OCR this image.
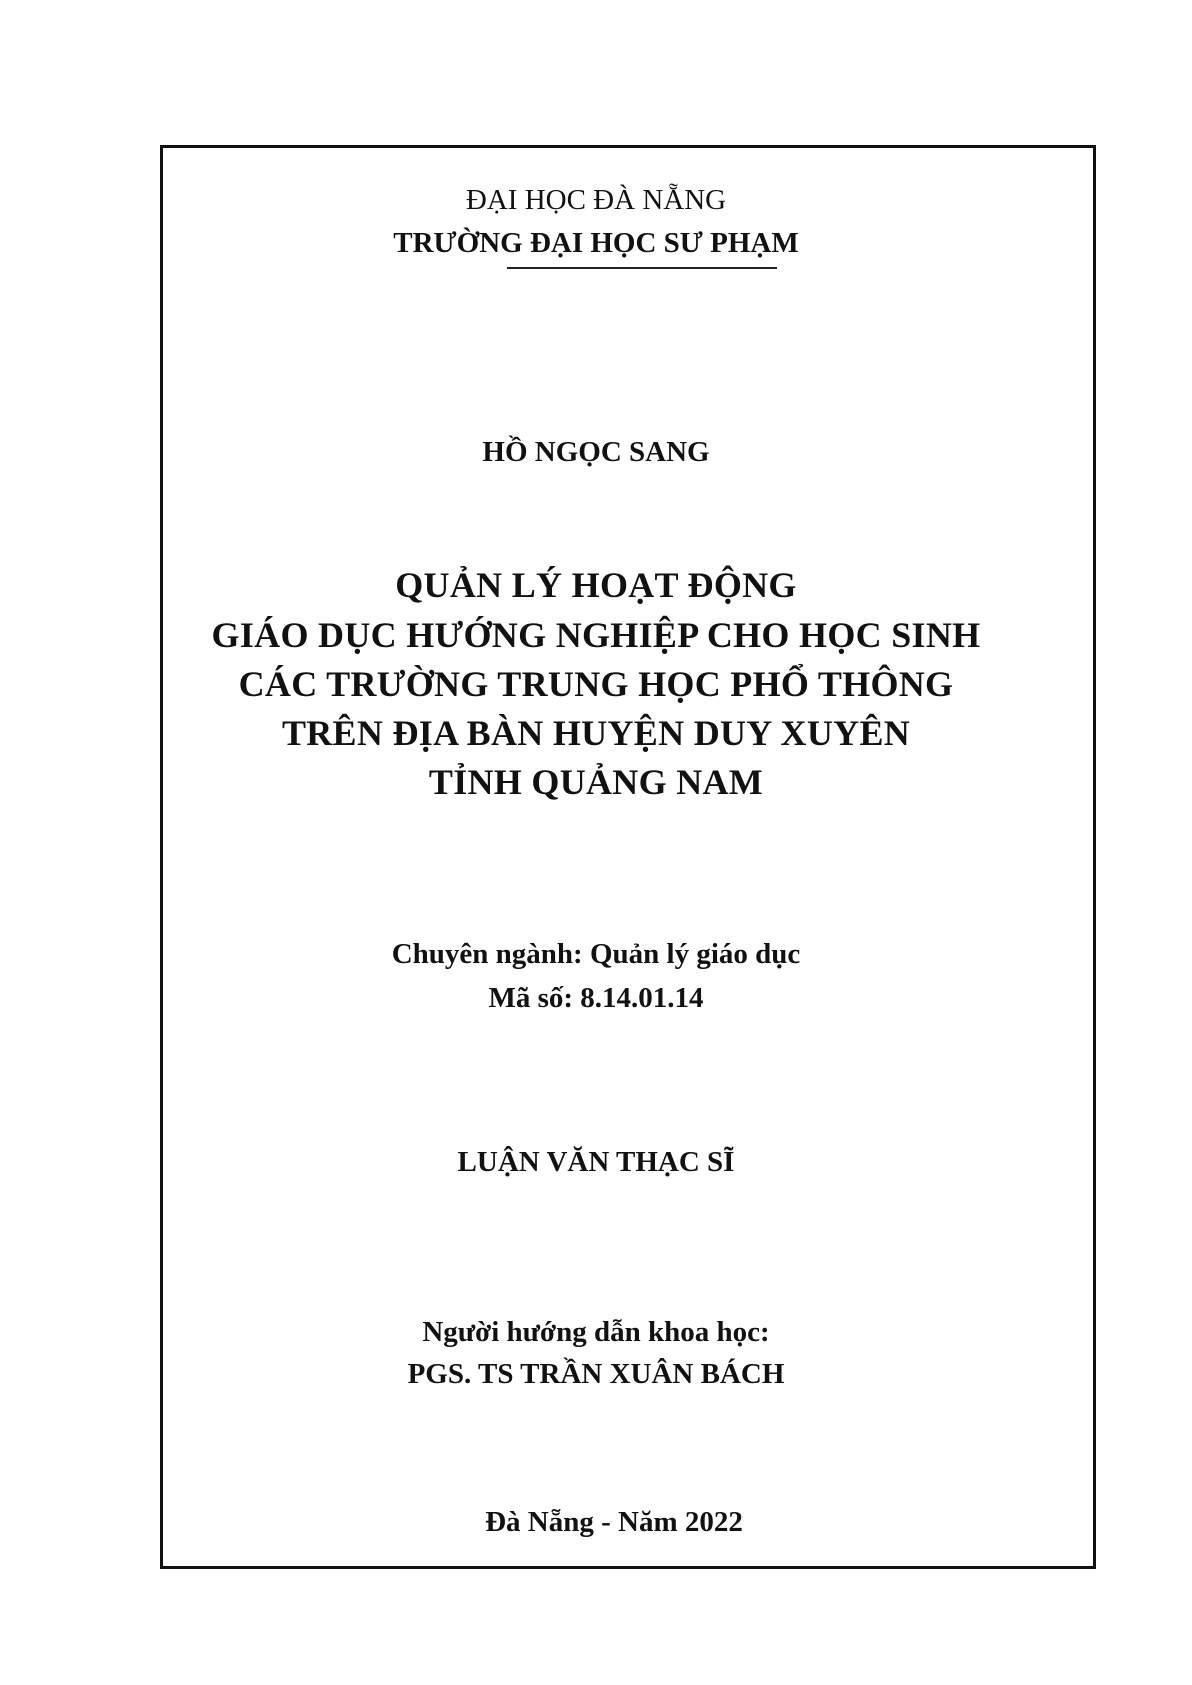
ĐẠI HỌC ĐÀ NẴNG
TRƯỜNG ĐẠI HỌC SƯ PHẠM
HỒ NGỌC SANG
QUẢN LÝ HOẠT ĐỘNG
GIÁO DỤC HƯỚNG NGHIỆP CHO HỌC SINH
CÁC TRƯỜNG TRUNG HỌC PHỔ THÔNG
TRÊN ĐỊA BÀN HUYỆN DUY XUYÊN
TỈNH QUẢNG NAM
Chuyên ngành: Quản lý giáo dục
Mã số: 8.14.01.14
LUẬN VĂN THẠC SĨ
Người hướng dẫn khoa học:
PGS. TS TRẦN XUÂN BÁCH
Đà Nẵng - Năm 2022
